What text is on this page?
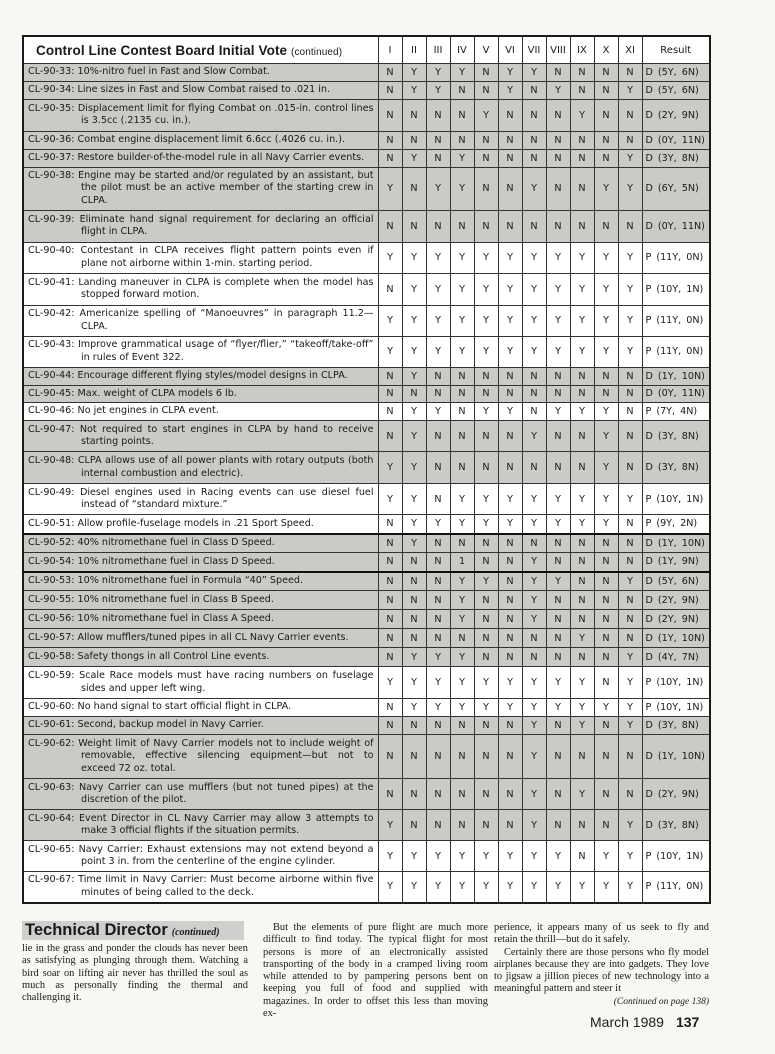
Control Line Contest Board Initial Vote (continued)	I	II	III	IV	V	VI	VII	VIII	IX	X	XI	Result

CL-90-33: 10%-nitro fuel in Fast and Slow Combat.	N	Y	Y	Y	N	Y	Y	N	N	N	N	D (5Y, 6N)

CL-90-34: Line sizes in Fast and Slow Combat raised to .021 in.	N	Y	Y	N	N	Y	N	Y	N	N	Y	D (5Y, 6N)

CL-90-35: Displacement limit for flying Combat on .015-in. control lines is 3.5cc (.2135 cu. in.).	N	N	N	N	Y	N	N	N	Y	N	N	D (2Y, 9N)

CL-90-36: Combat engine displacement limit 6.6cc (.4026 cu. in.).	N	N	N	N	N	N	N	N	N	N	N	D (0Y, 11N)

CL-90-37: Restore builder-of-the-model rule in all Navy Carrier events.	N	Y	N	Y	N	N	N	N	N	N	Y	D (3Y, 8N)

CL-90-38: Engine may be started and/or regulated by an assistant, but the pilot must be an active member of the starting crew in CLPA.	Y	N	Y	Y	N	N	Y	N	N	Y	Y	D (6Y, 5N)

CL-90-39: Eliminate hand signal requirement for declaring an official flight in CLPA.	N	N	N	N	N	N	N	N	N	N	N	D (0Y, 11N)

CL-90-40: Contestant in CLPA receives flight pattern points even if plane not airborne within 1-min. starting period.	Y	Y	Y	Y	Y	Y	Y	Y	Y	Y	Y	P (11Y, 0N)

CL-90-41: Landing maneuver in CLPA is complete when the model has stopped forward motion.	N	Y	Y	Y	Y	Y	Y	Y	Y	Y	Y	P (10Y, 1N)

CL-90-42: Americanize spelling of “Manoeuvres” in paragraph 11.2—CLPA.	Y	Y	Y	Y	Y	Y	Y	Y	Y	Y	Y	P (11Y, 0N)

CL-90-43: Improve grammatical usage of “flyer/flier,” “takeoff/take-off” in rules of Event 322.	Y	Y	Y	Y	Y	Y	Y	Y	Y	Y	Y	P (11Y, 0N)

CL-90-44: Encourage different flying styles/model designs in CLPA.	N	Y	N	N	N	N	N	N	N	N	N	D (1Y, 10N)

CL-90-45: Max. weight of CLPA models 6 lb.	N	N	N	N	N	N	N	N	N	N	N	D (0Y, 11N)

CL-90-46: No jet engines in CLPA event.	N	Y	Y	N	Y	Y	N	Y	Y	Y	N	P (7Y, 4N)

CL-90-47: Not required to start engines in CLPA by hand to receive starting points.	N	Y	N	N	N	N	Y	N	N	Y	N	D (3Y, 8N)

CL-90-48: CLPA allows use of all power plants with rotary outputs (both internal combustion and electric).	Y	Y	N	N	N	N	N	N	N	Y	N	D (3Y, 8N)

CL-90-49: Diesel engines used in Racing events can use diesel fuel instead of “standard mixture.”	Y	Y	N	Y	Y	Y	Y	Y	Y	Y	Y	P (10Y, 1N)

CL-90-51: Allow profile-fuselage models in .21 Sport Speed.	N	Y	Y	Y	Y	Y	Y	Y	Y	Y	N	P (9Y, 2N)

CL-90-52: 40% nitromethane fuel in Class D Speed.	N	Y	N	N	N	N	N	N	N	N	N	D (1Y, 10N)

CL-90-54: 10% nitromethane fuel in Class D Speed.	N	N	N	1	N	N	Y	N	N	N	N	D (1Y, 9N)

CL-90-53: 10% nitromethane fuel in Formula “40” Speed.	N	N	N	Y	Y	N	Y	Y	N	N	Y	D (5Y, 6N)

CL-90-55: 10% nitromethane fuel in Class B Speed.	N	N	N	Y	N	N	Y	N	N	N	N	D (2Y, 9N)

CL-90-56: 10% nitromethane fuel in Class A Speed.	N	N	N	Y	N	N	Y	N	N	N	N	D (2Y, 9N)

CL-90-57: Allow mufflers/tuned pipes in all CL Navy Carrier events.	N	N	N	N	N	N	N	N	Y	N	N	D (1Y, 10N)

CL-90-58: Safety thongs in all Control Line events.	N	Y	Y	Y	N	N	N	N	N	N	Y	D (4Y, 7N)

CL-90-59: Scale Race models must have racing numbers on fuselage sides and upper left wing.	Y	Y	Y	Y	Y	Y	Y	Y	Y	N	Y	P (10Y, 1N)

CL-90-60: No hand signal to start official flight in CLPA.	N	Y	Y	Y	Y	Y	Y	Y	Y	Y	Y	P (10Y, 1N)

CL-90-61: Second, backup model in Navy Carrier.	N	N	N	N	N	N	Y	N	Y	N	Y	D (3Y, 8N)

CL-90-62: Weight limit of Navy Carrier models not to include weight of removable, effective silencing equipment—but not to exceed 72 oz. total.	N	N	N	N	N	N	Y	N	N	N	N	D (1Y, 10N)

CL-90-63: Navy Carrier can use mufflers (but not tuned pipes) at the discretion of the pilot.	N	N	N	N	N	N	Y	N	Y	N	N	D (2Y, 9N)

CL-90-64: Event Director in CL Navy Carrier may allow 3 attempts to make 3 official flights if the situation permits.	Y	N	N	N	N	N	Y	N	N	N	Y	D (3Y, 8N)

CL-90-65: Navy Carrier: Exhaust extensions may not extend beyond a point 3 in. from the centerline of the engine cylinder.	Y	Y	Y	Y	Y	Y	Y	Y	N	Y	Y	P (10Y, 1N)

CL-90-67: Time limit in Navy Carrier: Must become airborne within five minutes of being called to the deck.	Y	Y	Y	Y	Y	Y	Y	Y	Y	Y	Y	P (11Y, 0N)
Technical Director (continued)

lie in the grass and ponder the clouds has never been as satisfying as plunging through them. Watching a bird soar on lifting air never has thrilled the soul as much as personally finding the thermal and challenging it.

But the elements of pure flight are much more difficult to find today. The typical flight for most persons is more of an electronically assisted transporting of the body in a cramped living room while attended to by pampering persons bent on keeping you full of food and supplied with magazines. In order to offset this less than moving ex-

perience, it appears many of us seek to fly and retain the thrill—but do it safely.

Certainly there are those persons who fly model airplanes because they are into gadgets. They love to jigsaw a jillion pieces of new technology into a meaningful pattern and steer it

(Continued on page 138)

March 1989 137
